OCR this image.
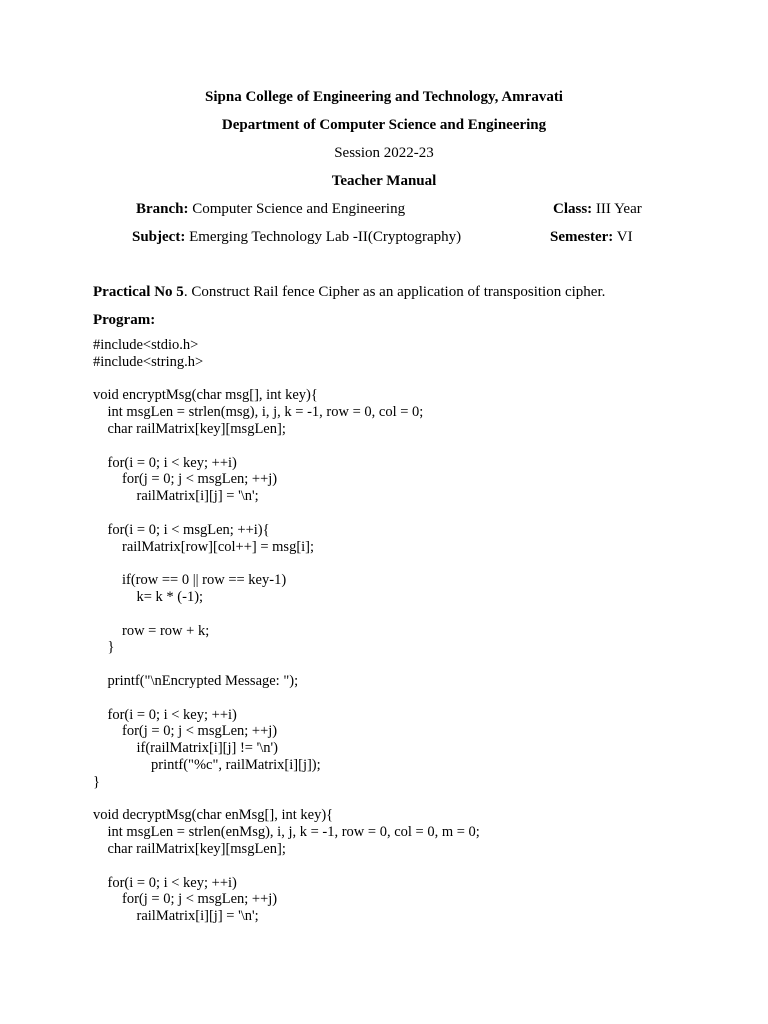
Sipna College of Engineering and Technology, Amravati
Department of Computer Science and Engineering
Session 2022-23
Teacher Manual
Branch: Computer Science and Engineering	Class: III Year
Subject: Emerging Technology Lab -II(Cryptography)	Semester: VI
Practical No 5. Construct Rail fence Cipher as an application of transposition cipher.
Program:
#include<stdio.h>
#include<string.h>
void encryptMsg(char msg[], int key){
int msgLen = strlen(msg), i, j, k = -1, row = 0, col = 0;
char railMatrix[key][msgLen];
for(i = 0; i < key; ++i)
for(j = 0; j < msgLen; ++j)
railMatrix[i][j] = '\n';
for(i = 0; i < msgLen; ++i){
railMatrix[row][col++] = msg[i];
if(row == 0 || row == key-1)
k= k * (-1);
row = row + k;
}
printf("\nEncrypted Message: ");
for(i = 0; i < key; ++i)
for(j = 0; j < msgLen; ++j)
if(railMatrix[i][j] != '\n')
printf("%c", railMatrix[i][j]);
}
void decryptMsg(char enMsg[], int key){
int msgLen = strlen(enMsg), i, j, k = -1, row = 0, col = 0, m = 0;
char railMatrix[key][msgLen];
for(i = 0; i < key; ++i)
for(j = 0; j < msgLen; ++j)
railMatrix[i][j] = '\n';
